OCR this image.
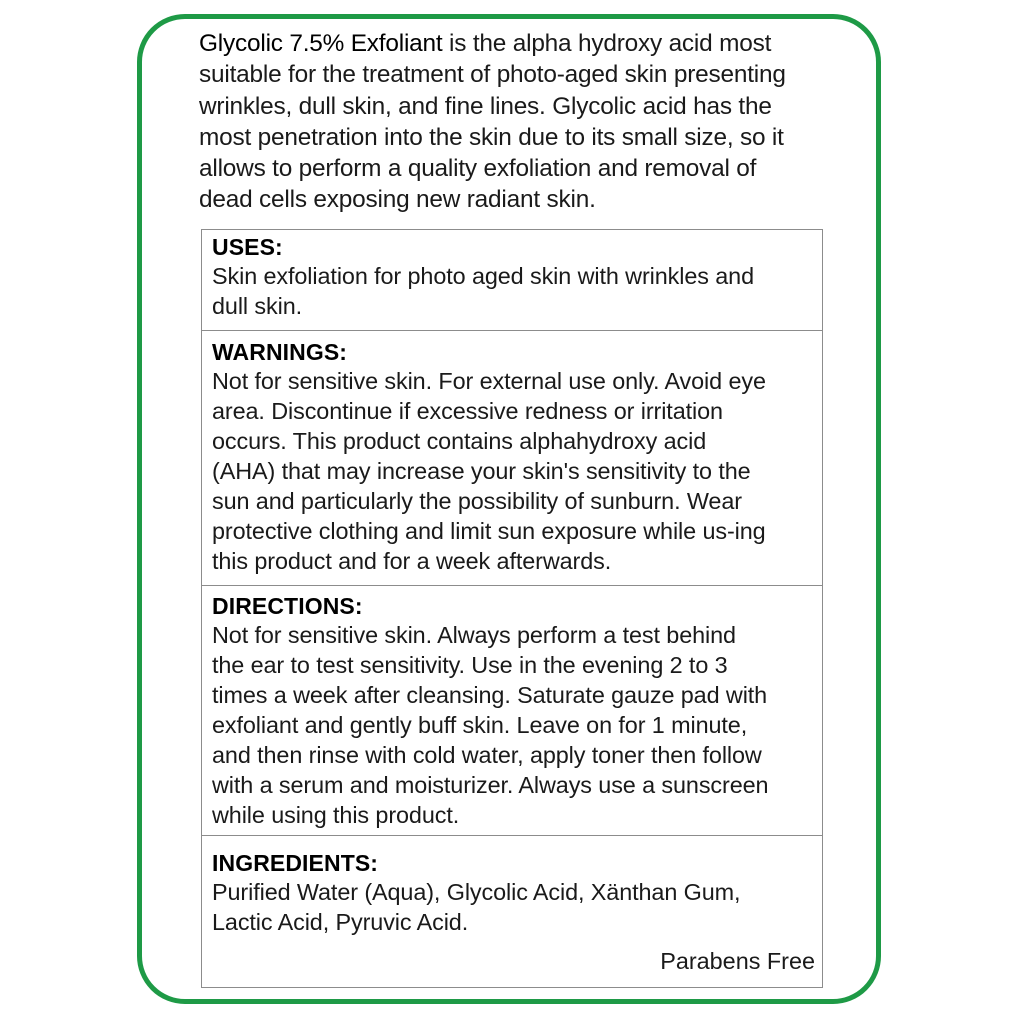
Glycolic 7.5% Exfoliant is the alpha hydroxy acid most
suitable for the treatment of photo-aged skin presenting
wrinkles, dull skin, and fine lines. Glycolic acid has the
most penetration into the skin due to its small size, so it
allows to perform a quality exfoliation and removal of
dead cells exposing new radiant skin.

USES:

Skin exfoliation for photo aged skin with wrinkles and
dull skin.

WARNINGS:

Not for sensitive skin. For external use only. Avoid eye
area. Discontinue if excessive redness or irritation
occurs. This product contains alphahydroxy acid
(AHA) that may increase your skin's sensitivity to the
sun and particularly the possibility of sunburn. Wear
protective clothing and limit sun exposure while us-ing
this product and for a week afterwards.

DIRECTIONS:

Not for sensitive skin. Always perform a test behind
the ear to test sensitivity. Use in the evening 2 to 3
times a week after cleansing. Saturate gauze pad with
exfoliant and gently buff skin. Leave on for 1 minute,
and then rinse with cold water, apply toner then follow
with a serum and moisturizer. Always use a sunscreen
while using this product.

INGREDIENTS:

Purified Water (Aqua), Glycolic Acid, Xänthan Gum,
Lactic Acid, Pyruvic Acid.

Parabens Free
